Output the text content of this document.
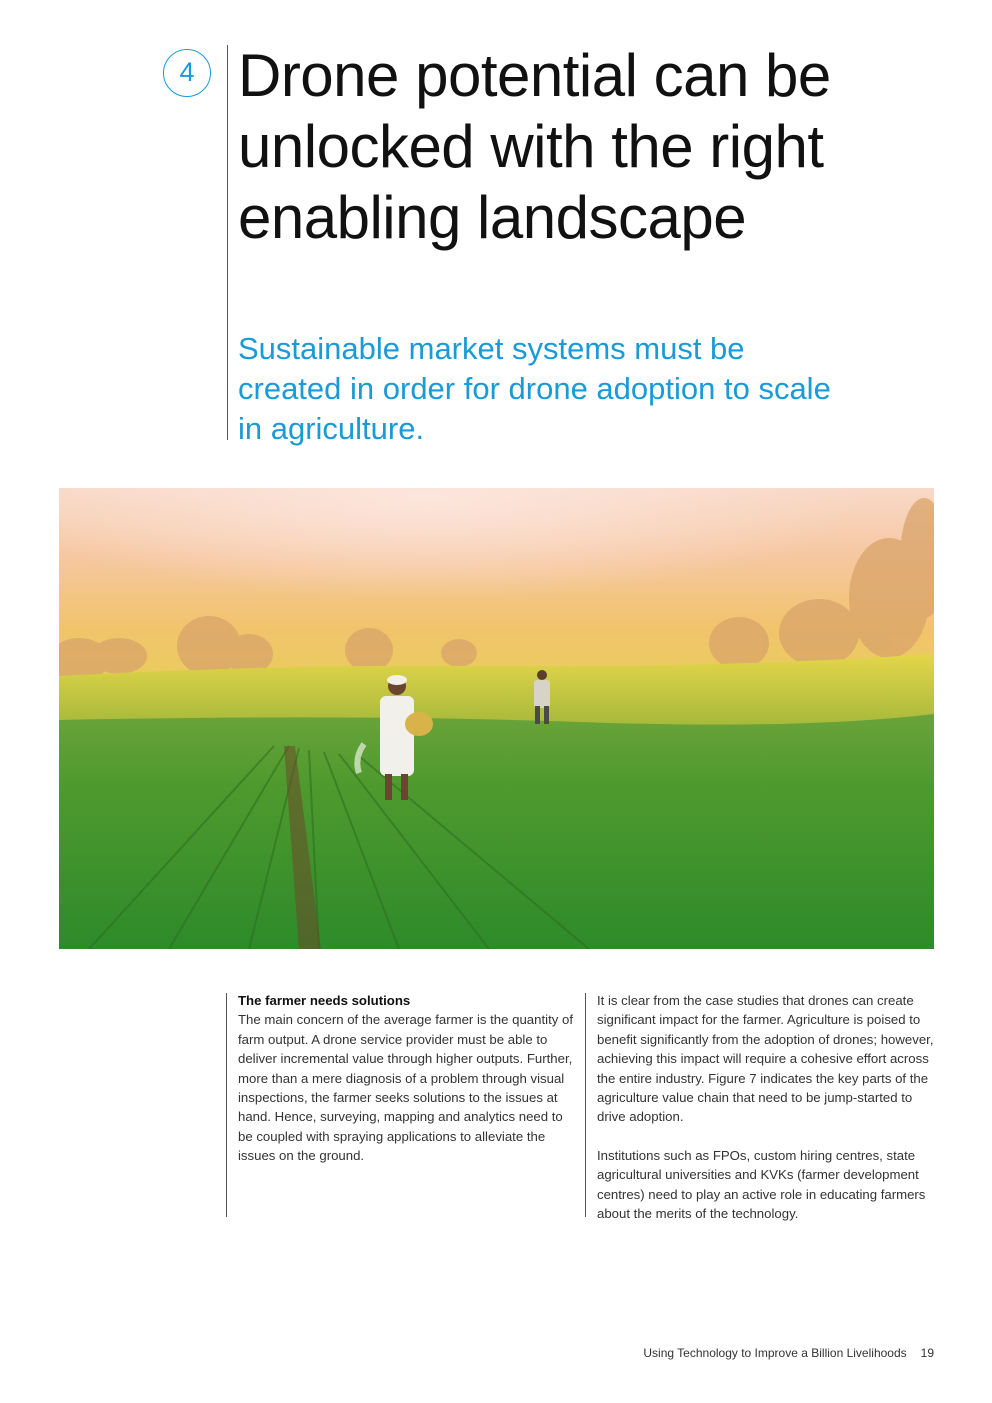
4 Drone potential can be unlocked with the right enabling landscape
Sustainable market systems must be created in order for drone adoption to scale in agriculture.

The farmer needs solutions

The main concern of the average farmer is the quantity of farm output. A drone service provider must be able to deliver incremental value through higher outputs. Further, more than a mere diagnosis of a problem through visual inspections, the farmer seeks solutions to the issues at hand. Hence, surveying, mapping and analytics need to be coupled with spraying applications to alleviate the issues on the ground.

It is clear from the case studies that drones can create significant impact for the farmer. Agriculture is poised to benefit significantly from the adoption of drones; however, achieving this impact will require a cohesive effort across the entire industry. Figure 7 indicates the key parts of the agriculture value chain that need to be jump-started to drive adoption.

Institutions such as FPOs, custom hiring centres, state agricultural universities and KVKs (farmer development centres) need to play an active role in educating farmers about the merits of the technology.

Using Technology to Improve a Billion Livelihoods 19
